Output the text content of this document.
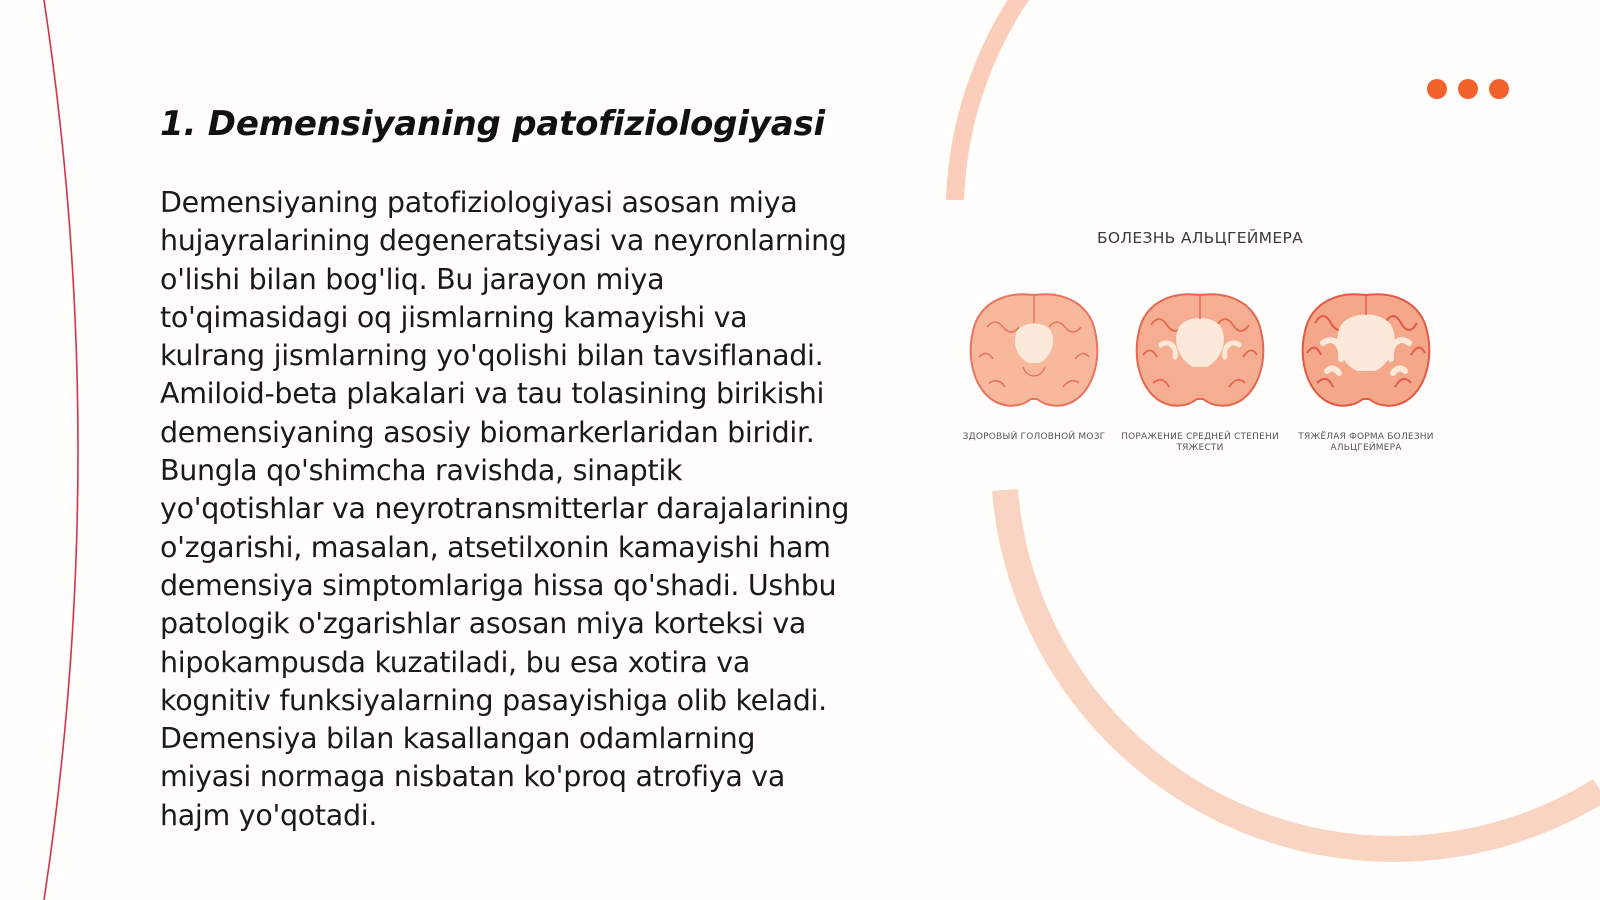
1. Demensiyaning patofiziologiyasi

Demensiyaning patofiziologiyasi asosan miya hujayralarining degeneratsiyasi va neyronlarning o'lishi bilan bog'liq. Bu jarayon miya to'qimasidagi oq jismlarning kamayishi va kulrang jismlarning yo'qolishi bilan tavsiflanadi. Amiloid-beta plakalari va tau tolasining birikishi demensiyaning asosiy biomarkerlaridan biridir. Bungla qo'shimcha ravishda, sinaptik yo'qotishlar va neyrotransmitterlar darajalarining o'zgarishi, masalan, atsetilxonin kamayishi ham demensiya simptomlariga hissa qo'shadi. Ushbu patologik o'zgarishlar asosan miya korteksi va hipokampusda kuzatiladi, bu esa xotira va kognitiv funksiyalarning pasayishiga olib keladi. Demensiya bilan kasallangan odamlarning miyasi normaga nisbatan ko'proq atrofiya va hajm yo'qotadi.

БОЛЕЗНЬ АЛЬЦГЕЙМЕРА

ЗДОРОВЫЙ ГОЛОВНОЙ МОЗГ	ПОРАЖЕНИЕ СРЕДНЕЙ СТЕПЕНИ ТЯЖЕСТИ
ТЯЖЁЛАЯ ФОРМА БОЛЕЗНИ АЛЬЦГЕЙМЕРА
